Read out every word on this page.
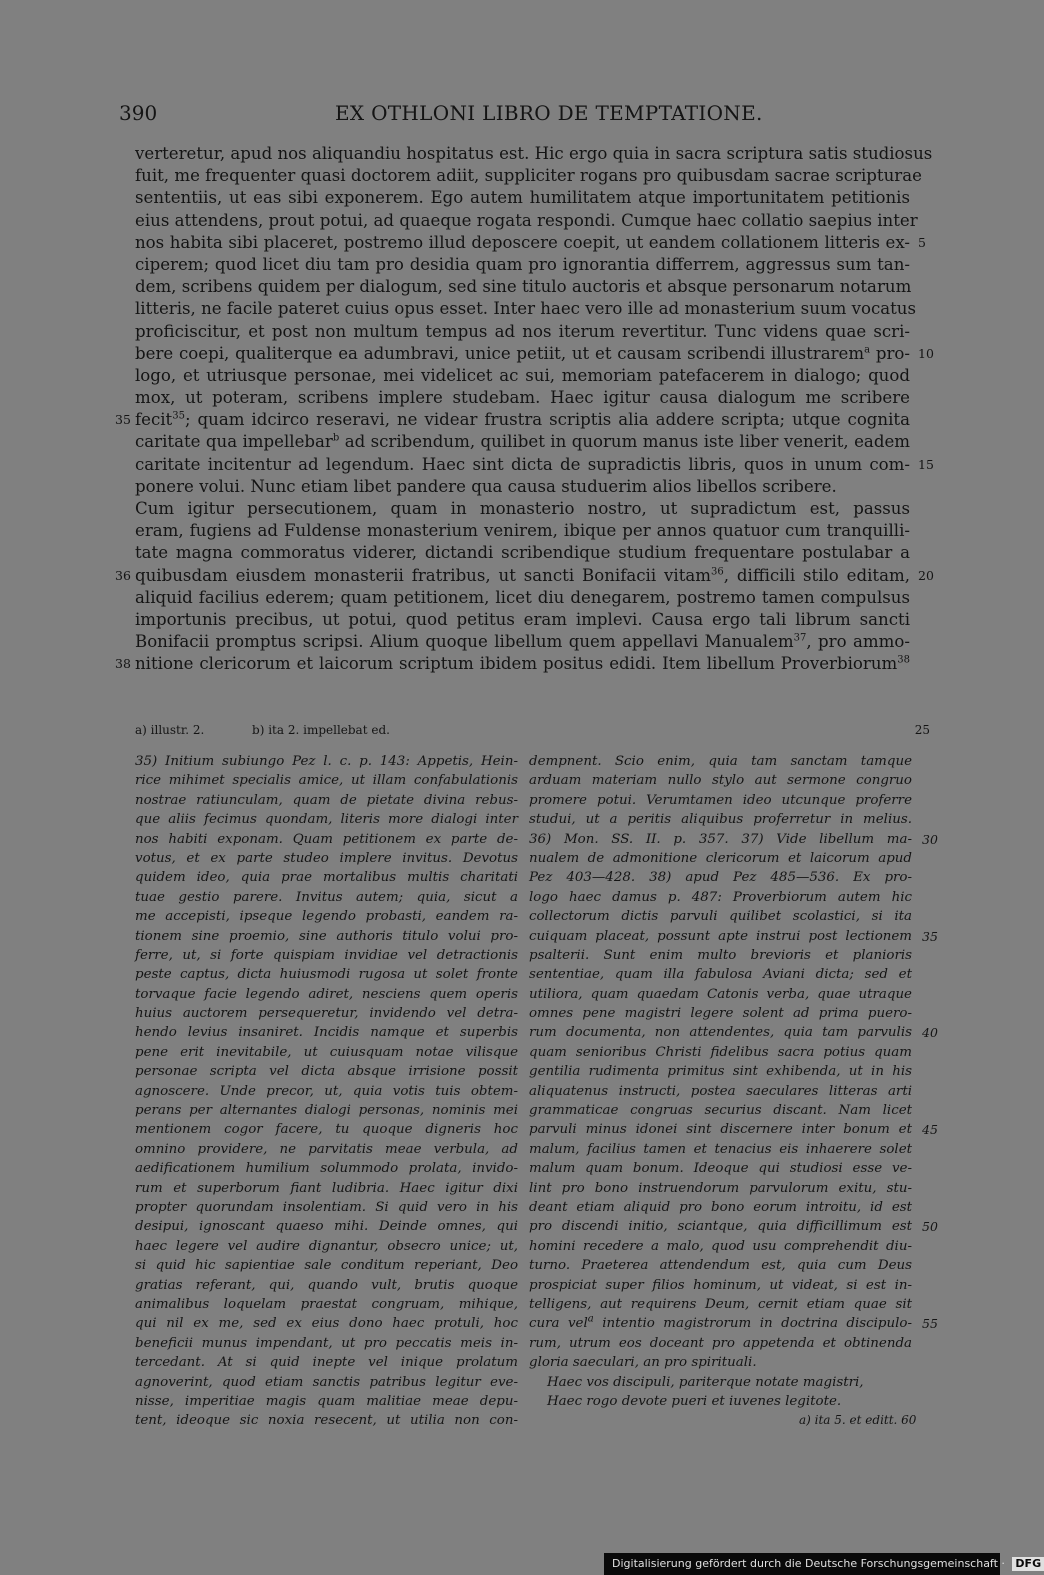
390	EX OTHLONI LIBRO DE TEMPTATIONE.
verteretur, apud nos aliquandiu hospitatus est. Hic ergo quia in sacra scriptura satis studiosus
fuit, me frequenter quasi doctorem adiit, suppliciter rogans pro quibusdam sacrae scripturae
sententiis, ut eas sibi exponerem. Ego autem humilitatem atque importunitatem petitionis
eius attendens, prout potui, ad quaeque rogata respondi. Cumque haec collatio saepius inter
nos habita sibi placeret, postremo illud deposcere coepit, ut eandem collationem litteris ex- 5
ciperem; quod licet diu tam pro desidia quam pro ignorantia differrem, aggressus sum tan-
dem, scribens quidem per dialogum, sed sine titulo auctoris et absque personarum notarum
litteris, ne facile pateret cuius opus esset. Inter haec vero ille ad monasterium suum vocatus
proficiscitur, et post non multum tempus ad nos iterum revertitur. Tunc videns quae scri-
bere coepi, qualiterque ea adumbravi, unice petiit, ut et causam scribendi illustrarem$^a$ pro- 10
logo, et utriusque personae, mei videlicet ac sui, memoriam patefacerem in dialogo; quod
mox, ut poteram, scribens implere studebam. Haec igitur causa dialogum me scribere
fecit$^{35}$; quam idcirco reseravi, ne videar frustra scriptis alia addere scripta; utque cognita
35
caritate qua impellebar$^b$ ad scribendum, quilibet in quorum manus iste liber venerit, eadem
caritate incitentur ad legendum. Haec sint dicta de supradictis libris, quos in unum com- 15
ponere volui. Nunc etiam libet pandere qua causa studuerim alios libellos scribere.
Cum igitur persecutionem, quam in monasterio nostro, ut supradictum est, passus
eram, fugiens ad Fuldense monasterium venirem, ibique per annos quatuor cum tranquilli-
tate magna commoratus viderer, dictandi scribendique studium frequentare postulabar a
quibusdam eiusdem monasterii fratribus, ut sancti Bonifacii vitam$^{36}$, difficili stilo editam, 20
36
aliquid facilius ederem; quam petitionem, licet diu denegarem, postremo tamen compulsus
importunis precibus, ut potui, quod petitus eram implevi. Causa ergo tali librum sancti
Bonifacii promptus scripsi. Alium quoque libellum quem appellavi Manualem$^{37}$, pro ammo-
nitione clericorum et laicorum scriptum ibidem positus edidi. Item libellum Proverbiorum$^{38}$
38
a) illustr. 2.	b) ita 2. impellebat ed.	25
35) Initium subiungo Pez l. c. p. 143: Appetis, Hein-
rice mihimet specialis amice, ut illam confabulationis
nostrae ratiunculam, quam de pietate divina rebus-
que aliis fecimus quondam, literis more dialogi inter
nos habiti exponam. Quam petitionem ex parte de-
votus, et ex parte studeo implere invitus. Devotus
quidem ideo, quia prae mortalibus multis charitati
tuae gestio parere. Invitus autem; quia, sicut a
me accepisti, ipseque legendo probasti, eandem ra-
tionem sine proemio, sine authoris titulo volui pro-
ferre, ut, si forte quispiam invidiae vel detractionis
peste captus, dicta huiusmodi rugosa ut solet fronte
torvaque facie legendo adiret, nesciens quem operis
huius auctorem persequeretur, invidendo vel detra-
hendo levius insaniret. Incidis namque et superbis
pene erit inevitabile, ut cuiusquam notae vilisque
personae scripta vel dicta absque irrisione possit
agnoscere. Unde precor, ut, quia votis tuis obtem-
perans per alternantes dialogi personas, nominis mei
mentionem cogor facere, tu quoque digneris hoc
omnino providere, ne parvitatis meae verbula, ad
aedificationem humilium solummodo prolata, invido-
rum et superborum fiant ludibria. Haec igitur dixi
propter quorundam insolentiam. Si quid vero in his
desipui, ignoscant quaeso mihi. Deinde omnes, qui
haec legere vel audire dignantur, obsecro unice; ut,
si quid hic sapientiae sale conditum reperiant, Deo
gratias referant, qui, quando vult, brutis quoque
animalibus loquelam praestat congruam, mihique,
qui nil ex me, sed ex eius dono haec protuli, hoc
beneficii munus impendant, ut pro peccatis meis in-
tercedant. At si quid inepte vel inique prolatum
agnoverint, quod etiam sanctis patribus legitur eve-
nisse, imperitiae magis quam malitiae meae depu-
tent, ideoque sic noxia resecent, ut utilia non con-
dempnent. Scio enim, quia tam sanctam tamque
arduam materiam nullo stylo aut sermone congruo
promere potui. Verumtamen ideo utcunque proferre
studui, ut a peritis aliquibus proferretur in melius.
36) Mon. SS. II. p. 357. 37) Vide libellum ma- 30
nualem de admonitione clericorum et laicorum apud
Pez 403—428. 38) apud Pez 485—536. Ex pro-
logo haec damus p. 487: Proverbiorum autem hic
collectorum dictis parvuli quilibet scolastici, si ita
cuiquam placeat, possunt apte instrui post lectionem 35
psalterii. Sunt enim multo brevioris et planioris
sententiae, quam illa fabulosa Aviani dicta; sed et
utiliora, quam quaedam Catonis verba, quae utraque
omnes pene magistri legere solent ad prima puero-
rum documenta, non attendentes, quia tam parvulis 40
quam senioribus Christi fidelibus sacra potius quam
gentilia rudimenta primitus sint exhibenda, ut in his
aliquatenus instructi, postea saeculares litteras arti
grammaticae congruas securius discant. Nam licet
parvuli minus idonei sint discernere inter bonum et 45
malum, facilius tamen et tenacius eis inhaerere solet
malum quam bonum. Ideoque qui studiosi esse ve-
lint pro bono instruendorum parvulorum exitu, stu-
deant etiam aliquid pro bono eorum introitu, id est
pro discendi initio, sciantque, quia difficillimum est 50
homini recedere a malo, quod usu comprehendit diu-
turno. Praeterea attendendum est, quia cum Deus
prospiciat super filios hominum, ut videat, si est in-
telligens, aut requirens Deum, cernit etiam quae sit
cura vel$^a$ intentio magistrorum in doctrina discipulo- 55
rum, utrum eos doceant pro appetenda et obtinenda
gloria saeculari, an pro spirituali.
Haec vos discipuli, pariterque notate magistri,
Haec rogo devote pueri et iuvenes legitote.
a) ita 5. et editt. 60
Digitalisierung gefördert durch die Deutsche Forschungsgemeinschaft · DFG
